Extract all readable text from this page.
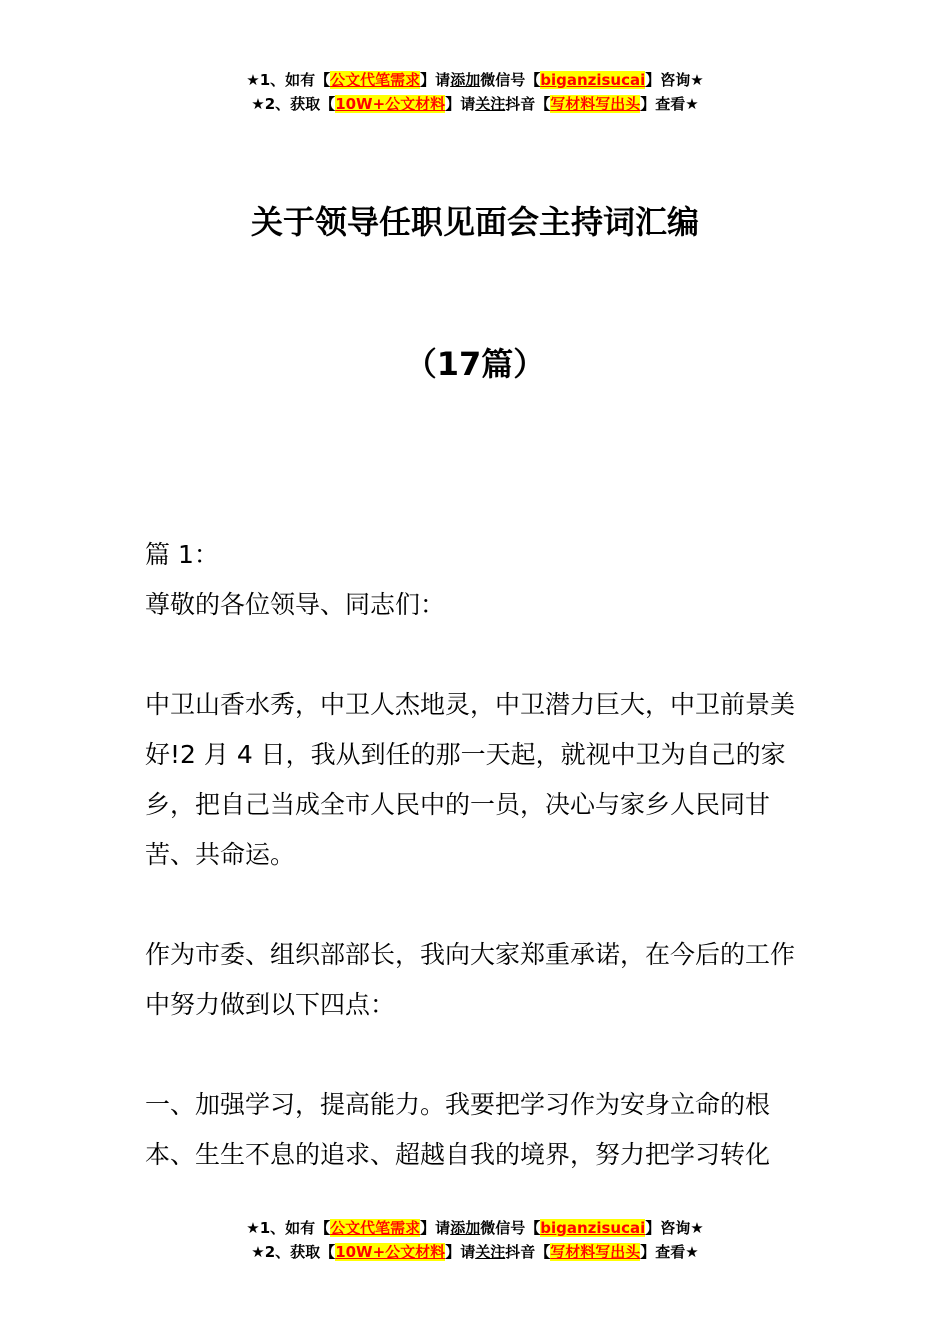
★1、如有【公文代笔需求】请添加微信号【biganzisucai】咨询★
★2、获取【10W+公文材料】请关注抖音【写材料写出头】查看★
关于领导任职见面会主持词汇编
（17篇）

篇 1：

尊敬的各位领导、同志们：

中卫山香水秀，中卫人杰地灵，中卫潜力巨大，中卫前景美好!2 月 4 日，我从到任的那一天起，就视中卫为自己的家乡，把自己当成全市人民中的一员，决心与家乡人民同甘苦、共命运。

作为市委、组织部部长，我向大家郑重承诺，在今后的工作中努力做到以下四点：

一、加强学习，提高能力。我要把学习作为安身立命的根本、生生不息的追求、超越自我的境界，努力把学习转化

★1、如有【公文代笔需求】请添加微信号【biganzisucai】咨询★
★2、获取【10W+公文材料】请关注抖音【写材料写出头】查看★
